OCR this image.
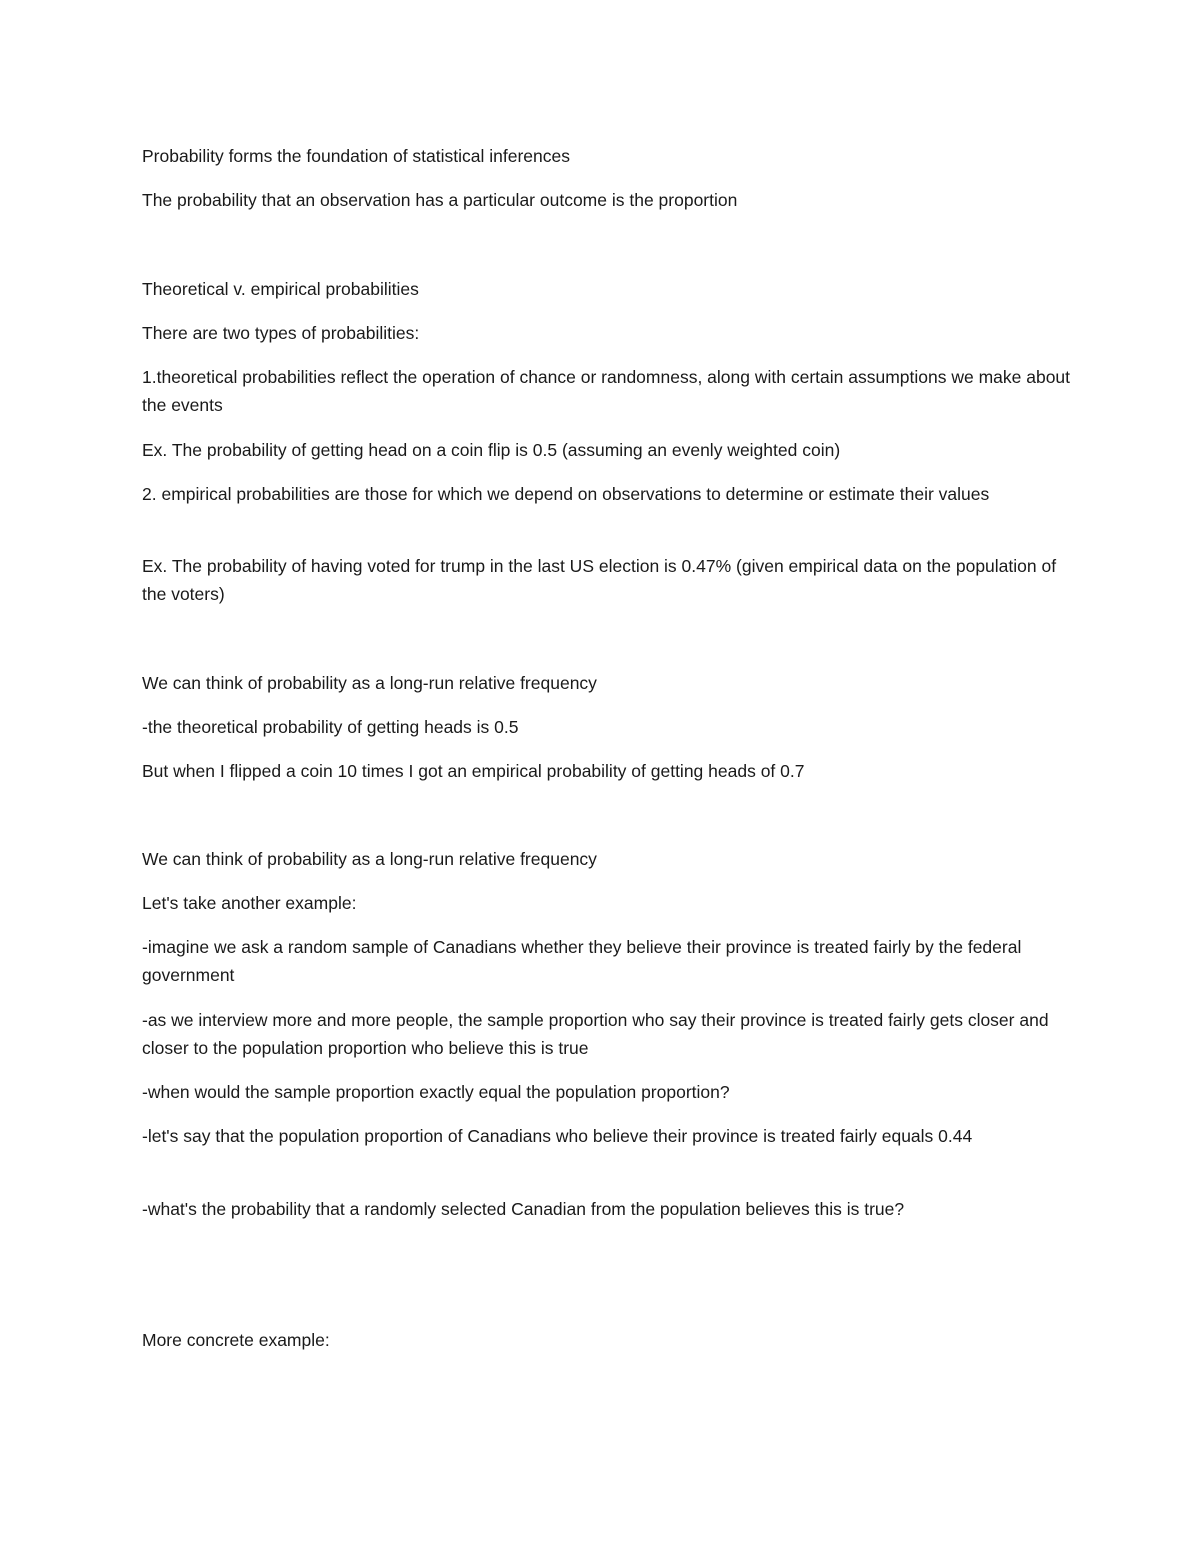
Probability forms the foundation of statistical inferences

The probability that an observation has a particular outcome is the proportion

Theoretical v. empirical probabilities

There are two types of probabilities:

1.theoretical probabilities reflect the operation of chance or randomness, along with certain assumptions we make about the events

Ex. The probability of getting head on a coin flip is 0.5 (assuming an evenly weighted coin)

2. empirical probabilities are those for which we depend on observations to determine or estimate their values

Ex. The probability of having voted for trump in the last US election is 0.47% (given empirical data on the population of the voters)

We can think of probability as a long-run relative frequency

-the theoretical probability of getting heads is 0.5

But when I flipped a coin 10 times I got an empirical probability of getting heads of 0.7

We can think of probability as a long-run relative frequency

Let's take another example:

-imagine we ask a random sample of Canadians whether they believe their province is treated fairly by the federal government

-as we interview more and more people, the sample proportion who say their province is treated fairly gets closer and closer to the population proportion who believe this is true

-when would the sample proportion exactly equal the population proportion?

-let's say that the population proportion of Canadians who believe their province is treated fairly equals 0.44

-what's the probability that a randomly selected Canadian from the population believes this is true?

More concrete example:
